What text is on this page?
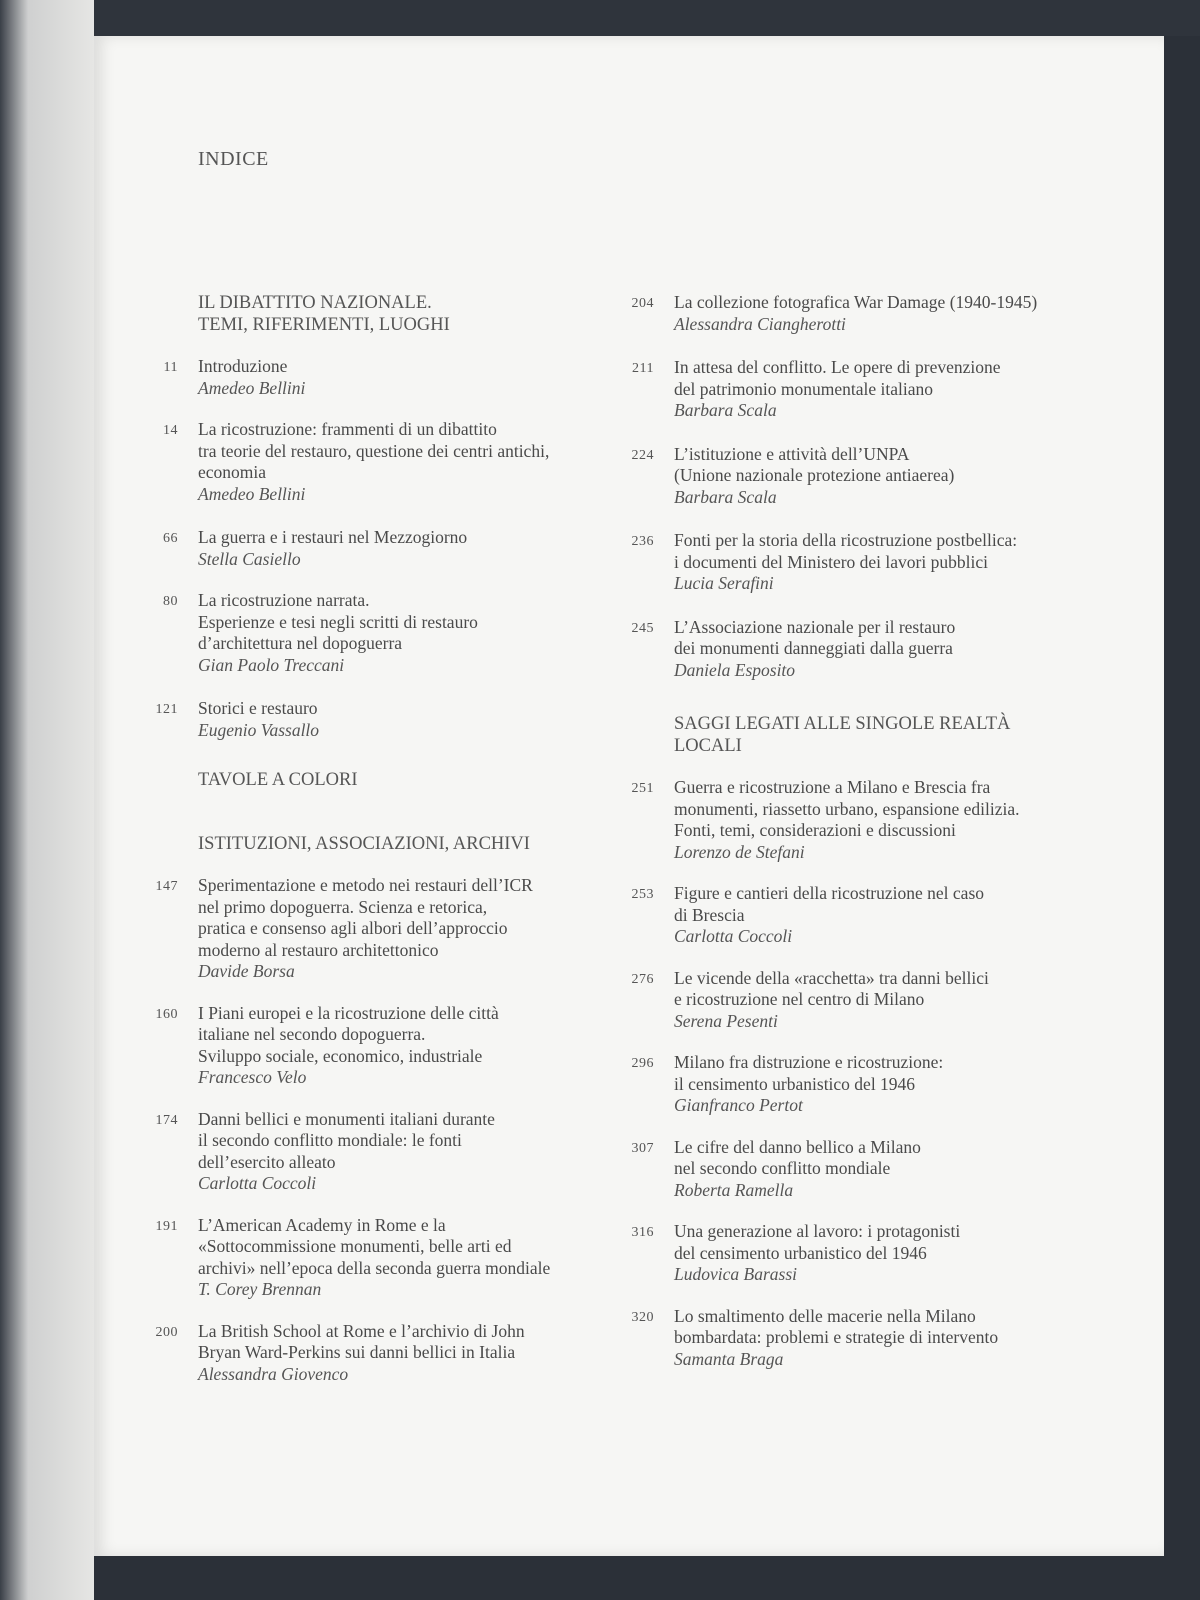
INDICE
IL DIBATTITO NAZIONALE.
TEMI, RIFERIMENTI, LUOGHI
11 Introduzione
Amedeo Bellini
14 La ricostruzione: frammenti di un dibattito
tra teorie del restauro, questione dei centri antichi,
economia
Amedeo Bellini
66 La guerra e i restauri nel Mezzogiorno
Stella Casiello
80 La ricostruzione narrata.
Esperienze e tesi negli scritti di restauro
d’architettura nel dopoguerra
Gian Paolo Treccani
121 Storici e restauro
Eugenio Vassallo
TAVOLE A COLORI
ISTITUZIONI, ASSOCIAZIONI, ARCHIVI
147 Sperimentazione e metodo nei restauri dell’ICR
nel primo dopoguerra. Scienza e retorica,
pratica e consenso agli albori dell’approccio
moderno al restauro architettonico
Davide Borsa
160 I Piani europei e la ricostruzione delle città
italiane nel secondo dopoguerra.
Sviluppo sociale, economico, industriale
Francesco Velo
174 Danni bellici e monumenti italiani durante
il secondo conflitto mondiale: le fonti
dell’esercito alleato
Carlotta Coccoli
191 L’American Academy in Rome e la
«Sottocommissione monumenti, belle arti ed
archivi» nell’epoca della seconda guerra mondiale
T. Corey Brennan
200 La British School at Rome e l’archivio di John
Bryan Ward-Perkins sui danni bellici in Italia
Alessandra Giovenco
204 La collezione fotografica War Damage (1940-1945)
Alessandra Ciangherotti
211 In attesa del conflitto. Le opere di prevenzione
del patrimonio monumentale italiano
Barbara Scala
224 L’istituzione e attività dell’UNPA
(Unione nazionale protezione antiaerea)
Barbara Scala
236 Fonti per la storia della ricostruzione postbellica:
i documenti del Ministero dei lavori pubblici
Lucia Serafini
245 L’Associazione nazionale per il restauro
dei monumenti danneggiati dalla guerra
Daniela Esposito
SAGGI LEGATI ALLE SINGOLE REALTÀ
LOCALI
251 Guerra e ricostruzione a Milano e Brescia fra
monumenti, riassetto urbano, espansione edilizia.
Fonti, temi, considerazioni e discussioni
Lorenzo de Stefani
253 Figure e cantieri della ricostruzione nel caso
di Brescia
Carlotta Coccoli
276 Le vicende della «racchetta» tra danni bellici
e ricostruzione nel centro di Milano
Serena Pesenti
296 Milano fra distruzione e ricostruzione:
il censimento urbanistico del 1946
Gianfranco Pertot
307 Le cifre del danno bellico a Milano
nel secondo conflitto mondiale
Roberta Ramella
316 Una generazione al lavoro: i protagonisti
del censimento urbanistico del 1946
Ludovica Barassi
320 Lo smaltimento delle macerie nella Milano
bombardata: problemi e strategie di intervento
Samanta Braga
